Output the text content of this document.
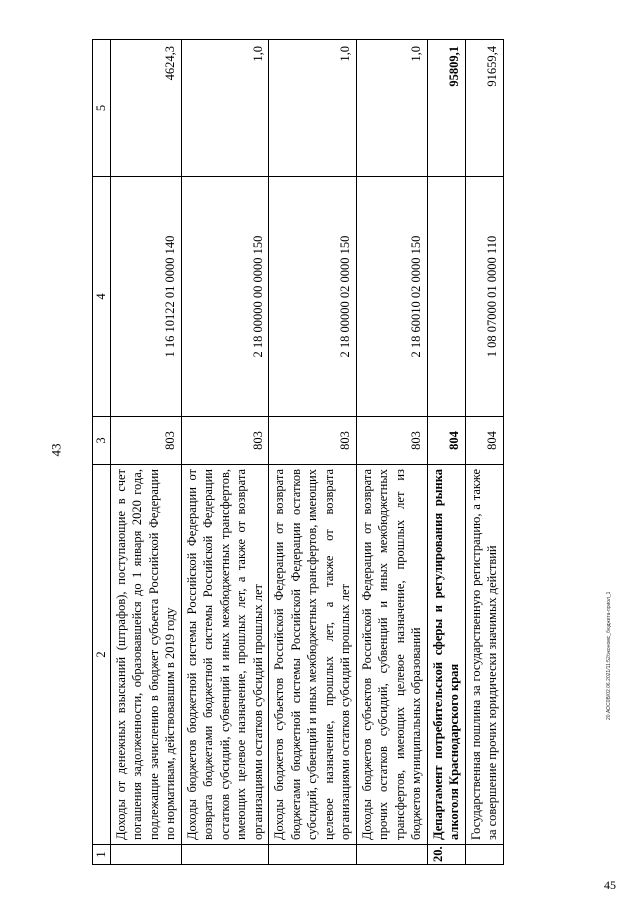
43
45
20.АОС0В/02.06.2021/11:52/экономс_бюджета-приол_1
1	2	3	4	5
	Доходы от денежных взысканий (штрафов), поступающие в счет погашения задолженности, образовавшейся до 1 января 2020 года, подлежащие зачислению в бюджет субъекта Российской Федерации по нормативам, действовавшим в 2019 году	803	1 16 10122 01 0000 140	4624,3
	Доходы бюджетов бюджетной системы Российской Федерации от возврата бюджетами бюджетной системы Российской Федерации остатков субсидий, субвенций и иных межбюджетных трансфертов, имеющих целевое назначение, прошлых лет, а также от возврата организациями остатков субсидий прошлых лет	803	2 18 00000 00 0000 150	1,0
	Доходы бюджетов субъектов Российской Федерации от возврата бюджетами бюджетной системы Российской Федерации остатков субсидий, субвенций и иных межбюджетных трансфертов, имеющих целевое назначение, прошлых лет, а также от возврата организациями остатков субсидий прошлых лет	803	2 18 00000 02 0000 150	1,0
	Доходы бюджетов субъектов Российской Федерации от возврата прочих остатков субсидий, субвенций и иных межбюджетных трансфертов, имеющих целевое назначение, прошлых лет из бюджетов муниципальных образований	803	2 18 60010 02 0000 150	1,0
20.	Департамент потребительской сферы и регулирования рынка алкоголя Краснодарского края	804		95809,1
	Государственная пошлина за государственную регистрацию, а также за совершение прочих юридически значимых действий	804	1 08 07000 01 0000 110	91659,4
